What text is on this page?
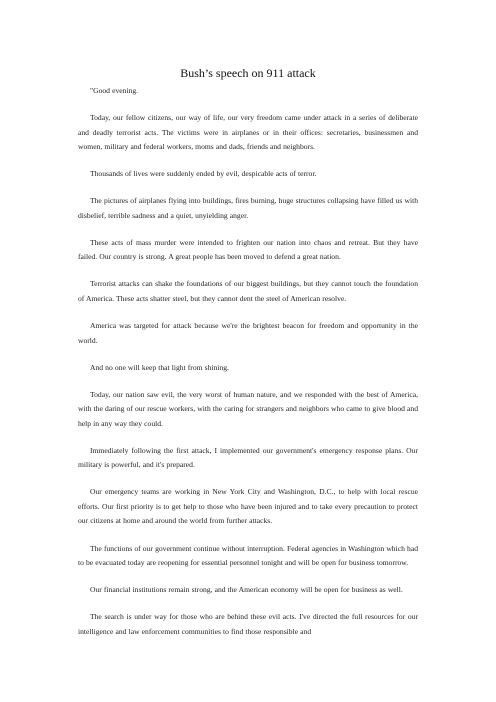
Bush’s speech on 911 attack

"Good evening.

Today, our fellow citizens, our way of life, our very freedom came under attack in a series of deliberate and deadly terrorist acts. The victims were in airplanes or in their offices: secretaries, businessmen and women, military and federal workers, moms and dads, friends and neighbors.

Thousands of lives were suddenly ended by evil, despicable acts of terror.

The pictures of airplanes flying into buildings, fires burning, huge structures collapsing have filled us with disbelief, terrible sadness and a quiet, unyielding anger.

These acts of mass murder were intended to frighten our nation into chaos and retreat. But they have failed. Our country is strong. A great people has been moved to defend a great nation.

Terrorist attacks can shake the foundations of our biggest buildings, but they cannot touch the foundation of America. These acts shatter steel, but they cannot dent the steel of American resolve.

America was targeted for attack because we're the brightest beacon for freedom and opportunity in the world.

And no one will keep that light from shining.

Today, our nation saw evil, the very worst of human nature, and we responded with the best of America, with the daring of our rescue workers, with the caring for strangers and neighbors who came to give blood and help in any way they could.

Immediately following the first attack, I implemented our government's emergency response plans. Our military is powerful, and it's prepared.

Our emergency teams are working in New York City and Washington, D.C., to help with local rescue efforts. Our first priority is to get help to those who have been injured and to take every precaution to protect our citizens at home and around the world from further attacks.

The functions of our government continue without interruption. Federal agencies in Washington which had to be evacuated today are reopening for essential personnel tonight and will be open for business tomorrow.

Our financial institutions remain strong, and the American economy will be open for business as well.

The search is under way for those who are behind these evil acts. I've directed the full resources for our intelligence and law enforcement communities to find those responsible and
